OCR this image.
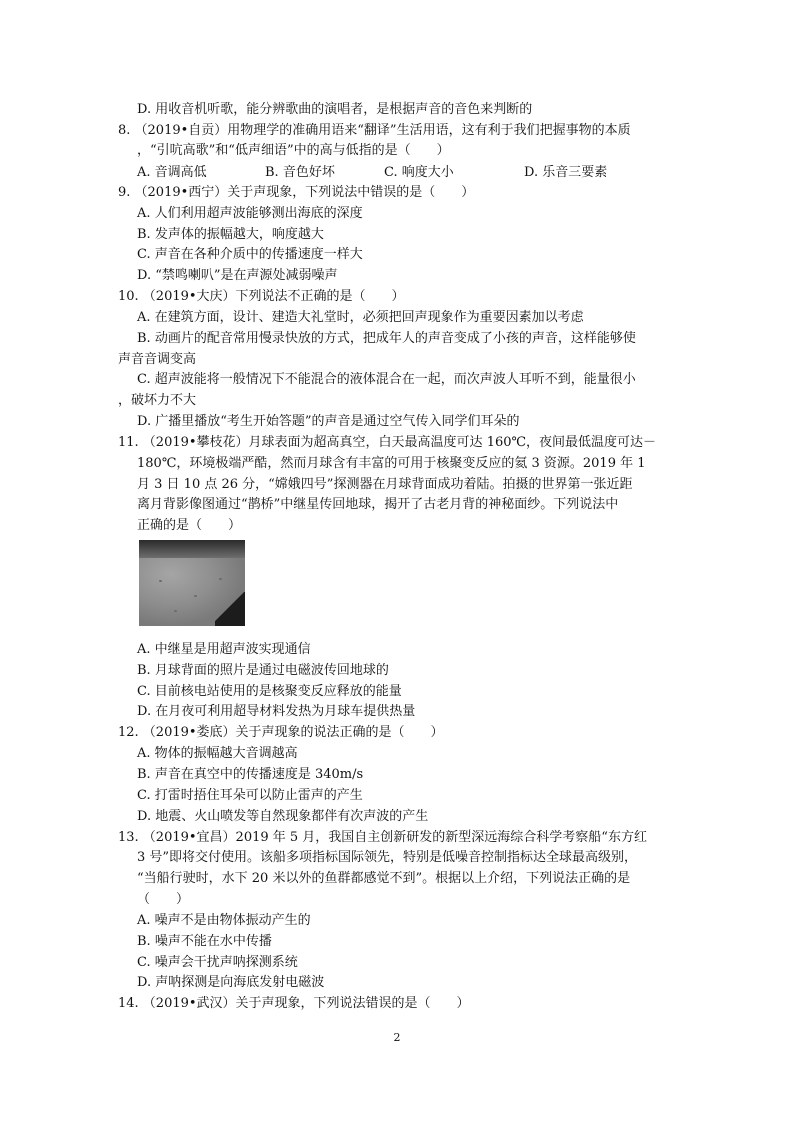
D. 用收音机听歌，能分辨歌曲的演唱者，是根据声音的音色来判断的
8. （2019•自贡）用物理学的准确用语来“翻译”生活用语，这有利于我们把握事物的本质
，“引吭高歌”和“低声细语”中的高与低指的是（　　）
A. 音调高低	B. 音色好坏	C. 响度大小	D. 乐音三要素
9. （2019•西宁）关于声现象，下列说法中错误的是（　　）
A. 人们利用超声波能够测出海底的深度
B. 发声体的振幅越大，响度越大
C. 声音在各种介质中的传播速度一样大
D. “禁鸣喇叭”是在声源处减弱噪声
10. （2019•大庆）下列说法不正确的是（　　）
A. 在建筑方面，设计、建造大礼堂时，必须把回声现象作为重要因素加以考虑
B. 动画片的配音常用慢录快放的方式，把成年人的声音变成了小孩的声音，这样能够使
声音音调变高
C. 超声波能将一般情况下不能混合的液体混合在一起，而次声波人耳听不到，能量很小
，破坏力不大
D. 广播里播放“考生开始答题”的声音是通过空气传入同学们耳朵的
11. （2019•攀枝花）月球表面为超高真空，白天最高温度可达 160℃，夜间最低温度可达－
180℃，环境极端严酷，然而月球含有丰富的可用于核聚变反应的氦 3 资源。2019 年 1
月 3 日 10 点 26 分，“嫦娥四号”探测器在月球背面成功着陆。拍摄的世界第一张近距
离月背影像图通过“鹊桥”中继星传回地球，揭开了古老月背的神秘面纱。下列说法中
正确的是（　　）
A. 中继星是用超声波实现通信
B. 月球背面的照片是通过电磁波传回地球的
C. 目前核电站使用的是核聚变反应释放的能量
D. 在月夜可利用超导材料发热为月球车提供热量
12. （2019•娄底）关于声现象的说法正确的是（　　）
A. 物体的振幅越大音调越高
B. 声音在真空中的传播速度是 340m/s
C. 打雷时捂住耳朵可以防止雷声的产生
D. 地震、火山喷发等自然现象都伴有次声波的产生
13. （2019•宜昌）2019 年 5 月，我国自主创新研发的新型深远海综合科学考察船“东方红
3 号”即将交付使用。该船多项指标国际领先，特别是低噪音控制指标达全球最高级别，
“当船行驶时，水下 20 米以外的鱼群都感觉不到”。根据以上介绍，下列说法正确的是
（　　）
A. 噪声不是由物体振动产生的
B. 噪声不能在水中传播
C. 噪声会干扰声呐探测系统
D. 声呐探测是向海底发射电磁波
14. （2019•武汉）关于声现象，下列说法错误的是（　　）
2
